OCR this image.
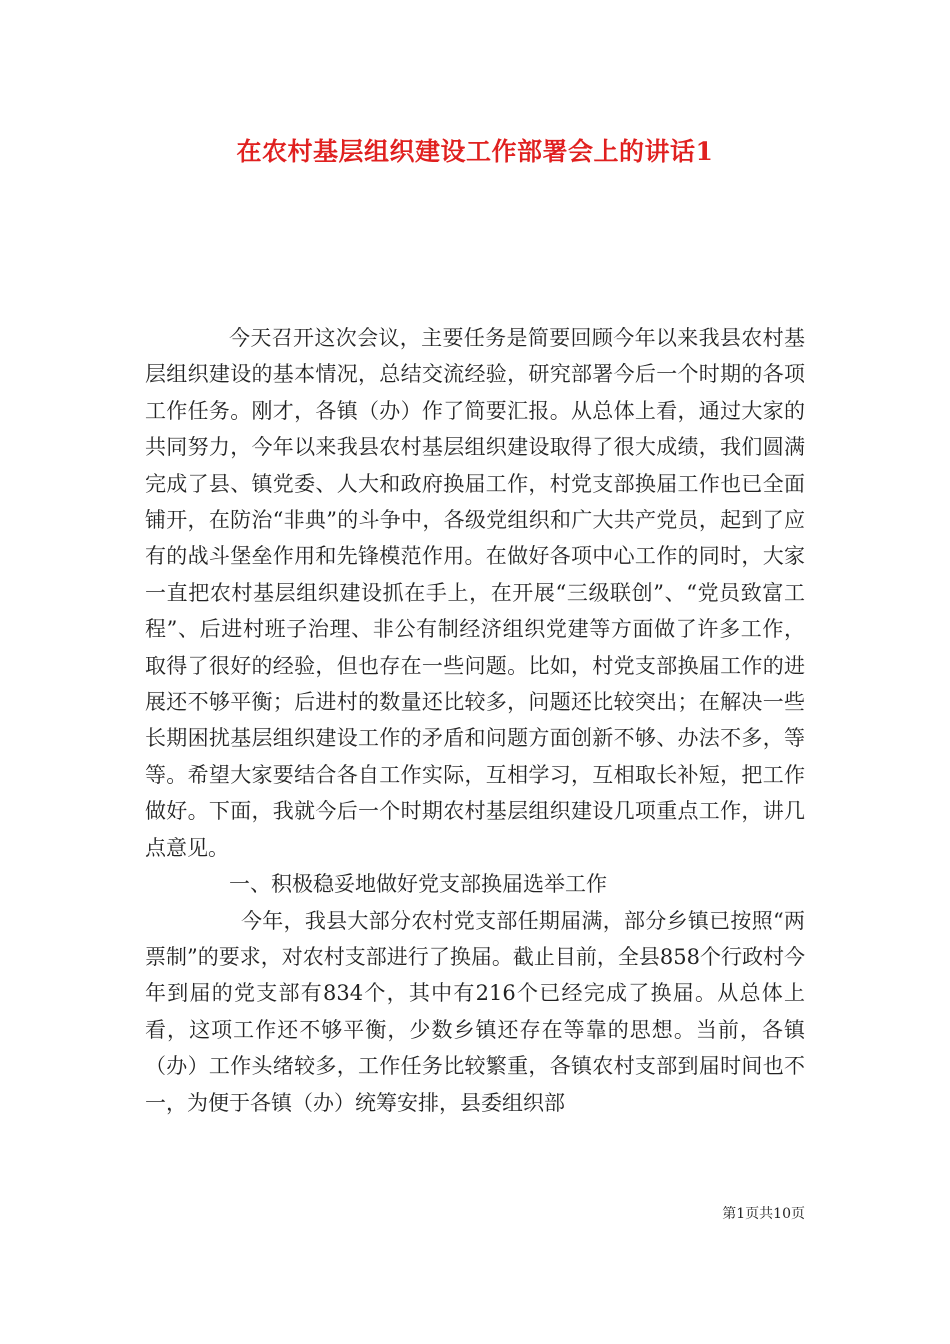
在农村基层组织建设工作部署会上的讲话1

今天召开这次会议，主要任务是简要回顾今年以来我县农村基层组织建设的基本情况，总结交流经验，研究部署今后一个时期的各项工作任务。刚才，各镇（办）作了简要汇报。从总体上看，通过大家的共同努力，今年以来我县农村基层组织建设取得了很大成绩，我们圆满完成了县、镇党委、人大和政府换届工作，村党支部换届工作也已全面铺开，在防治“非典”的斗争中，各级党组织和广大共产党员，起到了应有的战斗堡垒作用和先锋模范作用。在做好各项中心工作的同时，大家一直把农村基层组织建设抓在手上，在开展“三级联创”、“党员致富工程”、后进村班子治理、非公有制经济组织党建等方面做了许多工作，取得了很好的经验，但也存在一些问题。比如，村党支部换届工作的进展还不够平衡；后进村的数量还比较多，问题还比较突出；在解决一些长期困扰基层组织建设工作的矛盾和问题方面创新不够、办法不多，等等。希望大家要结合各自工作实际，互相学习，互相取长补短，把工作做好。下面，我就今后一个时期农村基层组织建设几项重点工作，讲几点意见。

一、积极稳妥地做好党支部换届选举工作

今年，我县大部分农村党支部任期届满，部分乡镇已按照“两票制”的要求，对农村支部进行了换届。截止目前，全县858个行政村今年到届的党支部有834个，其中有216个已经完成了换届。从总体上看，这项工作还不够平衡，少数乡镇还存在等靠的思想。当前，各镇（办）工作头绪较多，工作任务比较繁重，各镇农村支部到届时间也不一，为便于各镇（办）统筹安排，县委组织部

第1页共10页
